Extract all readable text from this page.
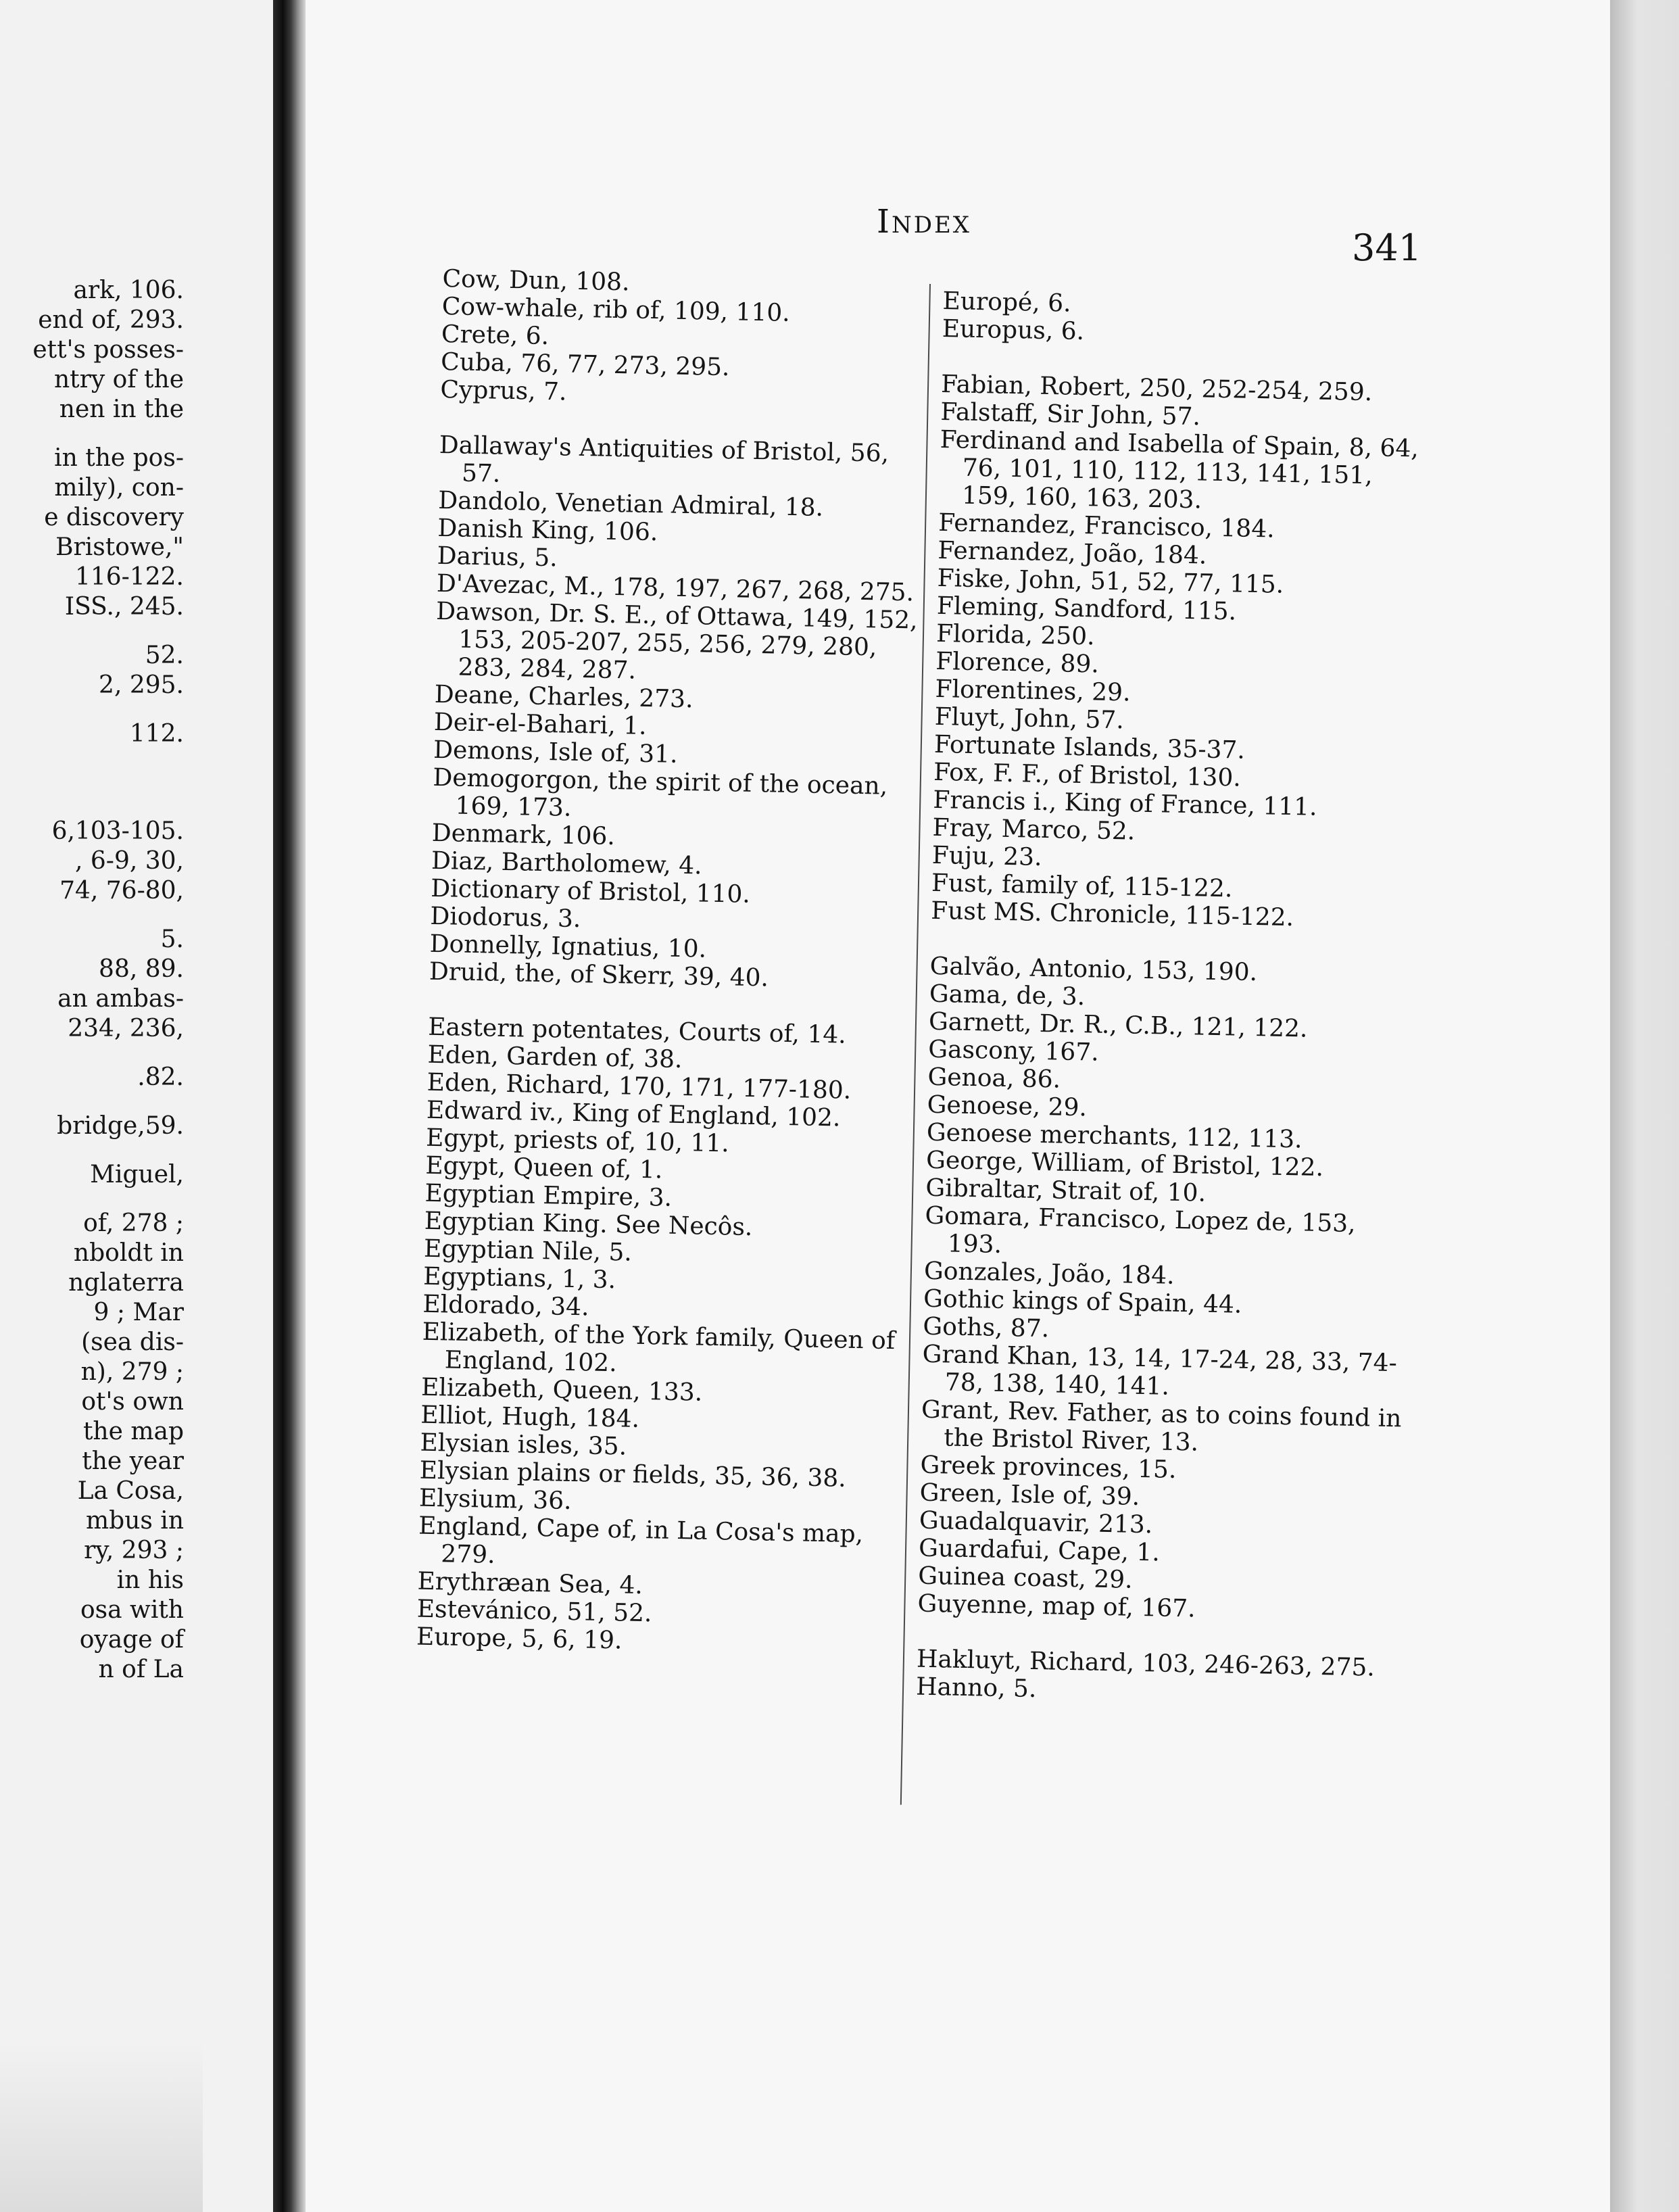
ark, 106.
end of, 293.
ett's posses-
ntry of the
nen in the
in the pos-
mily), con-
e discovery
Bristowe,"
116-122.
ISS., 245.
52.
2, 295.
112.
6,103-105.
, 6-9, 30,
74, 76-80,
5.
88, 89.
an ambas-
234, 236,
.82.
bridge,59.
Miguel,
of, 278 ;
nboldt in
nglaterra
9 ; Mar
(sea dis-
n), 279 ;
ot's own
the map
the year
La Cosa,
mbus in
ry, 293 ;
in his
osa with
oyage of
n of La
Index
341

Cow, Dun, 108.

Cow-whale, rib of, 109, 110.

Crete, 6.

Cuba, 76, 77, 273, 295.

Cyprus, 7.

Dallaway's Antiquities of Bristol, 56, 57.

Dandolo, Venetian Admiral, 18.

Danish King, 106.

Darius, 5.

D'Avezac, M., 178, 197, 267, 268, 275.

Dawson, Dr. S. E., of Ottawa, 149, 152, 153, 205-207, 255, 256, 279, 280, 283, 284, 287.

Deane, Charles, 273.

Deir-el-Bahari, 1.

Demons, Isle of, 31.

Demogorgon, the spirit of the ocean, 169, 173.

Denmark, 106.

Diaz, Bartholomew, 4.

Dictionary of Bristol, 110.

Diodorus, 3.

Donnelly, Ignatius, 10.

Druid, the, of Skerr, 39, 40.

Eastern potentates, Courts of, 14.

Eden, Garden of, 38.

Eden, Richard, 170, 171, 177-180.

Edward iv., King of England, 102.

Egypt, priests of, 10, 11.

Egypt, Queen of, 1.

Egyptian Empire, 3.

Egyptian King. See Necôs.

Egyptian Nile, 5.

Egyptians, 1, 3.

Eldorado, 34.

Elizabeth, of the York family, Queen of England, 102.

Elizabeth, Queen, 133.

Elliot, Hugh, 184.

Elysian isles, 35.

Elysian plains or fields, 35, 36, 38.

Elysium, 36.

England, Cape of, in La Cosa's map, 279.

Erythræan Sea, 4.

Estevánico, 51, 52.

Europe, 5, 6, 19.

Europé, 6.

Europus, 6.

Fabian, Robert, 250, 252-254, 259.

Falstaff, Sir John, 57.

Ferdinand and Isabella of Spain, 8, 64, 76, 101, 110, 112, 113, 141, 151, 159, 160, 163, 203.

Fernandez, Francisco, 184.

Fernandez, João, 184.

Fiske, John, 51, 52, 77, 115.

Fleming, Sandford, 115.

Florida, 250.

Florence, 89.

Florentines, 29.

Fluyt, John, 57.

Fortunate Islands, 35-37.

Fox, F. F., of Bristol, 130.

Francis i., King of France, 111.

Fray, Marco, 52.

Fuju, 23.

Fust, family of, 115-122.

Fust MS. Chronicle, 115-122.

Galvão, Antonio, 153, 190.

Gama, de, 3.

Garnett, Dr. R., C.B., 121, 122.

Gascony, 167.

Genoa, 86.

Genoese, 29.

Genoese merchants, 112, 113.

George, William, of Bristol, 122.

Gibraltar, Strait of, 10.

Gomara, Francisco, Lopez de, 153, 193.

Gonzales, João, 184.

Gothic kings of Spain, 44.

Goths, 87.

Grand Khan, 13, 14, 17-24, 28, 33, 74-78, 138, 140, 141.

Grant, Rev. Father, as to coins found in the Bristol River, 13.

Greek provinces, 15.

Green, Isle of, 39.

Guadalquavir, 213.

Guardafui, Cape, 1.

Guinea coast, 29.

Guyenne, map of, 167.

Hakluyt, Richard, 103, 246-263, 275.

Hanno, 5.
